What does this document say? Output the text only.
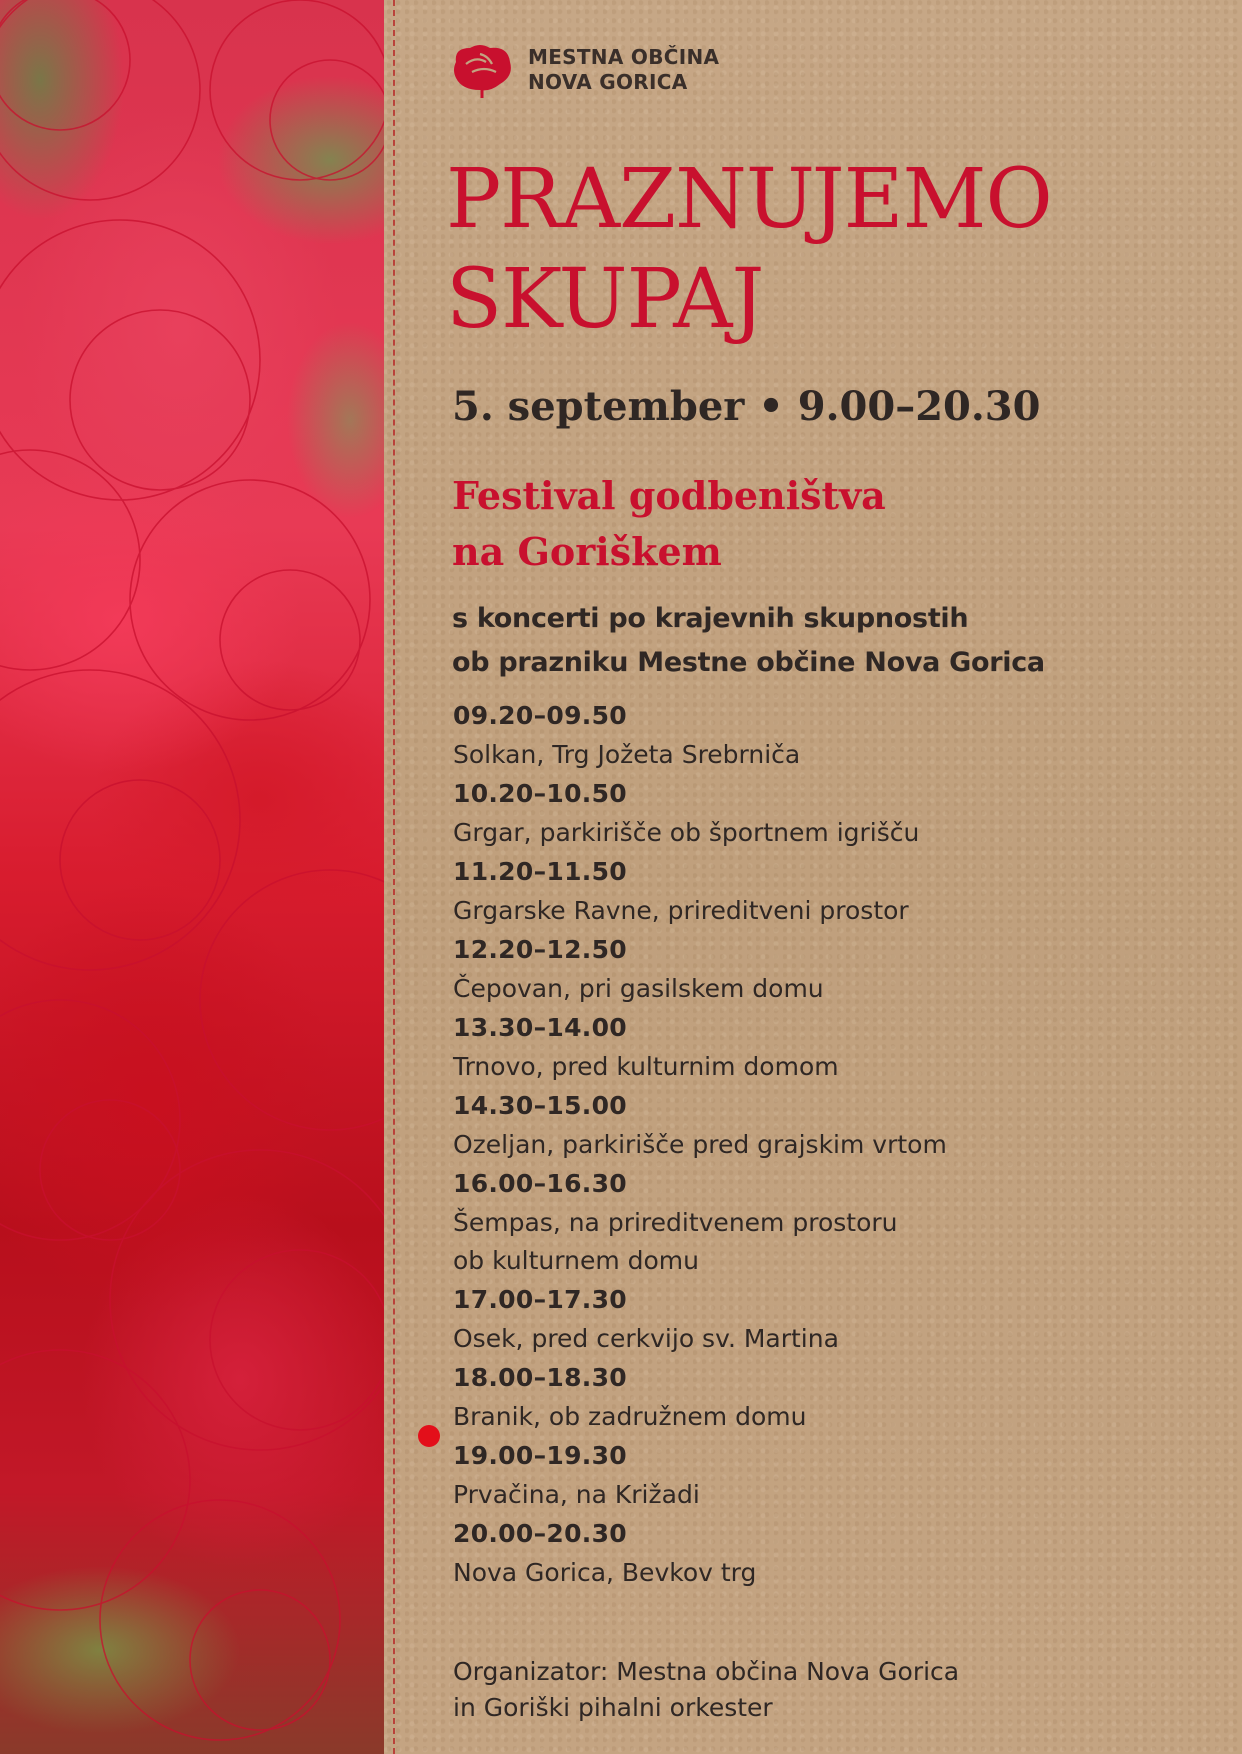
MESTNA OBČINA
NOVA GORICA
PRAZNUJEMO
SKUPAJ
5. september • 9.00–20.30
Festival godbeništva
na Goriškem
s koncerti po krajevnih skupnostih
ob prazniku Mestne občine Nova Gorica
09.20–09.50
Solkan, Trg Jožeta Srebrniča
10.20–10.50
Grgar, parkirišče ob športnem igrišču
11.20–11.50
Grgarske Ravne, prireditveni prostor
12.20–12.50
Čepovan, pri gasilskem domu
13.30–14.00
Trnovo, pred kulturnim domom
14.30–15.00
Ozeljan, parkirišče pred grajskim vrtom
16.00–16.30
Šempas, na prireditvenem prostoru
ob kulturnem domu
17.00–17.30
Osek, pred cerkvijo sv. Martina
18.00–18.30
Branik, ob zadružnem domu
19.00–19.30
Prvačina, na Križadi
20.00–20.30
Nova Gorica, Bevkov trg
Organizator: Mestna občina Nova Gorica
in Goriški pihalni orkester
